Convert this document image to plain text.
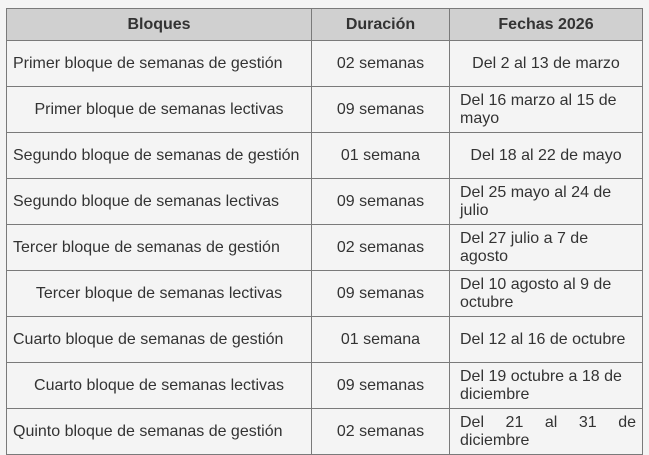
Bloques	Duración	Fechas 2026
Primer bloque de semanas de gestión	02 semanas	Del 2 al 13 de marzo
Primer bloque de semanas lectivas	09 semanas	Del 16 marzo al 15 de mayo
Segundo bloque de semanas de gestión	01 semana	Del 18 al 22 de mayo
Segundo bloque de semanas lectivas	09 semanas	Del 25 mayo al 24 de julio
Tercer bloque de semanas de gestión	02 semanas	Del 27 julio a 7 de agosto
Tercer bloque de semanas lectivas	09 semanas	Del 10 agosto al 9 de octubre
Cuarto bloque de semanas de gestión	01 semana	Del 12 al 16 de octubre
Cuarto bloque de semanas lectivas	09 semanas	Del 19 octubre a 18 de diciembre
Quinto bloque de semanas de gestión	02 semanas	Del 21 al 31 de diciembre
